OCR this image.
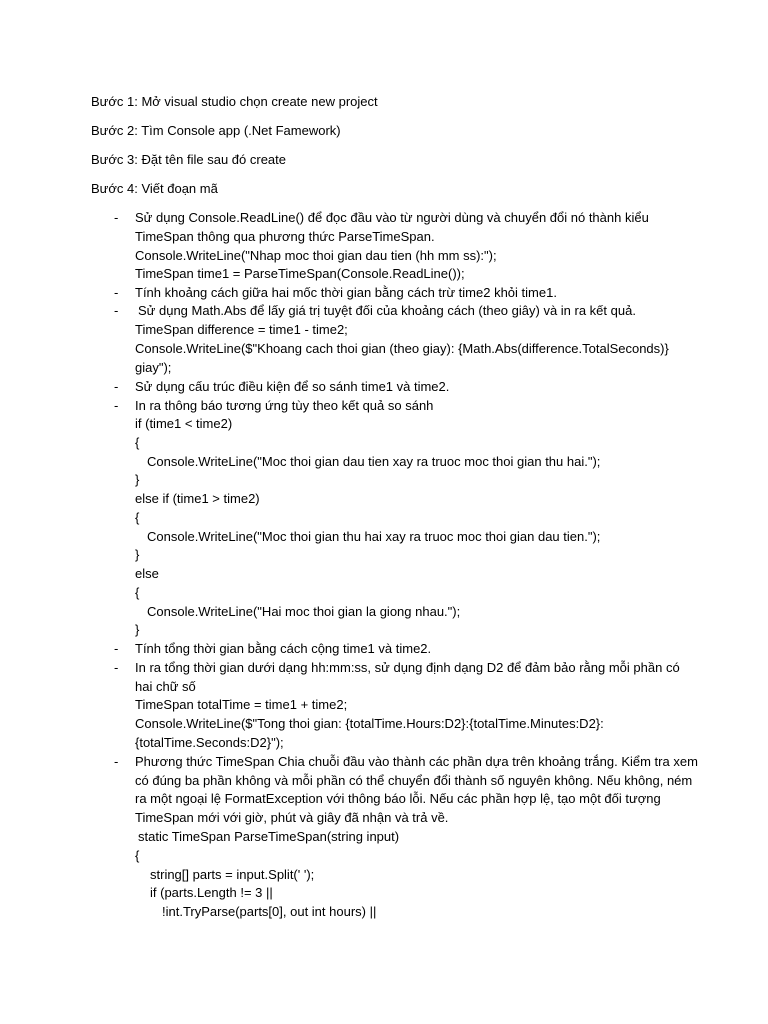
Bước 1: Mở visual studio chọn create new project
Bước 2: Tìm Console app (.Net Famework)
Bước 3: Đặt tên file sau đó create
Bước 4: Viết đoạn mã
-
-
-
-
-
-
-
-
Sử dụng Console.ReadLine() để đọc đầu vào từ người dùng và chuyển đổi nó thành kiểu
TimeSpan thông qua phương thức ParseTimeSpan.
Console.WriteLine("Nhap moc thoi gian dau tien (hh mm ss):");
TimeSpan time1 = ParseTimeSpan(Console.ReadLine());
Tính khoảng cách giữa hai mốc thời gian bằng cách trừ time2 khỏi time1.
Sử dụng Math.Abs để lấy giá trị tuyệt đối của khoảng cách (theo giây) và in ra kết quả.
TimeSpan difference = time1 - time2;
Console.WriteLine($"Khoang cach thoi gian (theo giay): {Math.Abs(difference.TotalSeconds)}
giay");
Sử dụng cấu trúc điều kiện để so sánh time1 và time2.
In ra thông báo tương ứng tùy theo kết quả so sánh
if (time1 < time2)
{
Console.WriteLine("Moc thoi gian dau tien xay ra truoc moc thoi gian thu hai.");
}
else if (time1 > time2)
{
Console.WriteLine("Moc thoi gian thu hai xay ra truoc moc thoi gian dau tien.");
}
else
{
Console.WriteLine("Hai moc thoi gian la giong nhau.");
}
Tính tổng thời gian bằng cách cộng time1 và time2.
In ra tổng thời gian dưới dạng hh:mm:ss, sử dụng định dạng D2 để đảm bảo rằng mỗi phần có
hai chữ số
TimeSpan totalTime = time1 + time2;
Console.WriteLine($"Tong thoi gian: {totalTime.Hours:D2}:{totalTime.Minutes:D2}:
{totalTime.Seconds:D2}");
Phương thức TimeSpan Chia chuỗi đầu vào thành các phần dựa trên khoảng trắng. Kiểm tra xem
có đúng ba phần không và mỗi phần có thể chuyển đổi thành số nguyên không. Nếu không, ném
ra một ngoại lệ FormatException với thông báo lỗi. Nếu các phần hợp lệ, tạo một đối tượng
TimeSpan mới với giờ, phút và giây đã nhận và trả về.
static TimeSpan ParseTimeSpan(string input)
{
string[] parts = input.Split(' ');
if (parts.Length != 3 ||
!int.TryParse(parts[0], out int hours) ||
